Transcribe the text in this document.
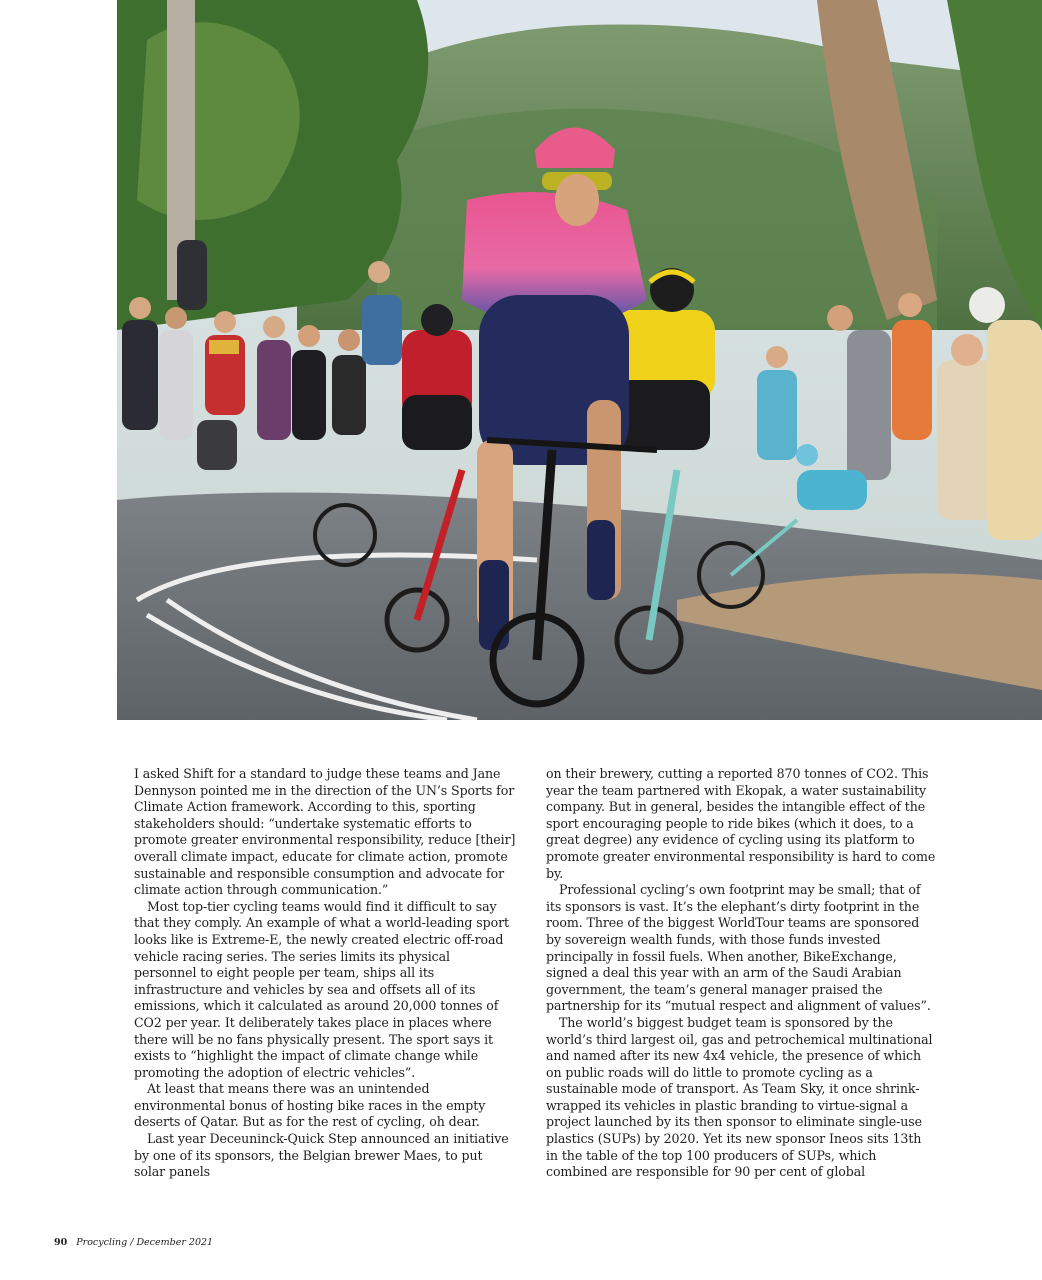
I asked Shift for a standard to judge these teams and Jane Dennyson pointed me in the direction of the UN’s Sports for Climate Action framework. According to this, sporting stakeholders should: “undertake systematic efforts to promote greater environmental responsibility, reduce [their] overall climate impact, educate for climate action, promote sustainable and responsible consumption and advocate for climate action through communication.”

Most top-tier cycling teams would find it difficult to say that they comply. An example of what a world-leading sport looks like is Extreme-E, the newly created electric off-road vehicle racing series. The series limits its physical personnel to eight people per team, ships all its infrastructure and vehicles by sea and offsets all of its emissions, which it calculated as around 20,000 tonnes of CO2 per year. It deliberately takes place in places where there will be no fans physically present. The sport says it exists to “highlight the impact of climate change while promoting the adoption of electric vehicles”.

At least that means there was an unintended environmental bonus of hosting bike races in the empty deserts of Qatar. But as for the rest of cycling, oh dear.

Last year Deceuninck-Quick Step announced an initiative by one of its sponsors, the Belgian brewer Maes, to put solar panels

on their brewery, cutting a reported 870 tonnes of CO2. This year the team partnered with Ekopak, a water sustainability company. But in general, besides the intangible effect of the sport encouraging people to ride bikes (which it does, to a great degree) any evidence of cycling using its platform to promote greater environmental responsibility is hard to come by.

Professional cycling’s own footprint may be small; that of its sponsors is vast. It’s the elephant’s dirty footprint in the room. Three of the biggest WorldTour teams are sponsored by sovereign wealth funds, with those funds invested principally in fossil fuels. When another, BikeExchange, signed a deal this year with an arm of the Saudi Arabian government, the team’s general manager praised the partnership for its “mutual respect and alignment of values”.

The world’s biggest budget team is sponsored by the world’s third largest oil, gas and petrochemical multinational and named after its new 4x4 vehicle, the presence of which on public roads will do little to promote cycling as a sustainable mode of transport. As Team Sky, it once shrink-wrapped its vehicles in plastic branding to virtue-signal a project launched by its then sponsor to eliminate single-use plastics (SUPs) by 2020. Yet its new sponsor Ineos sits 13th in the table of the top 100 producers of SUPs, which combined are responsible for 90 per cent of global

90 Procycling / December 2021
